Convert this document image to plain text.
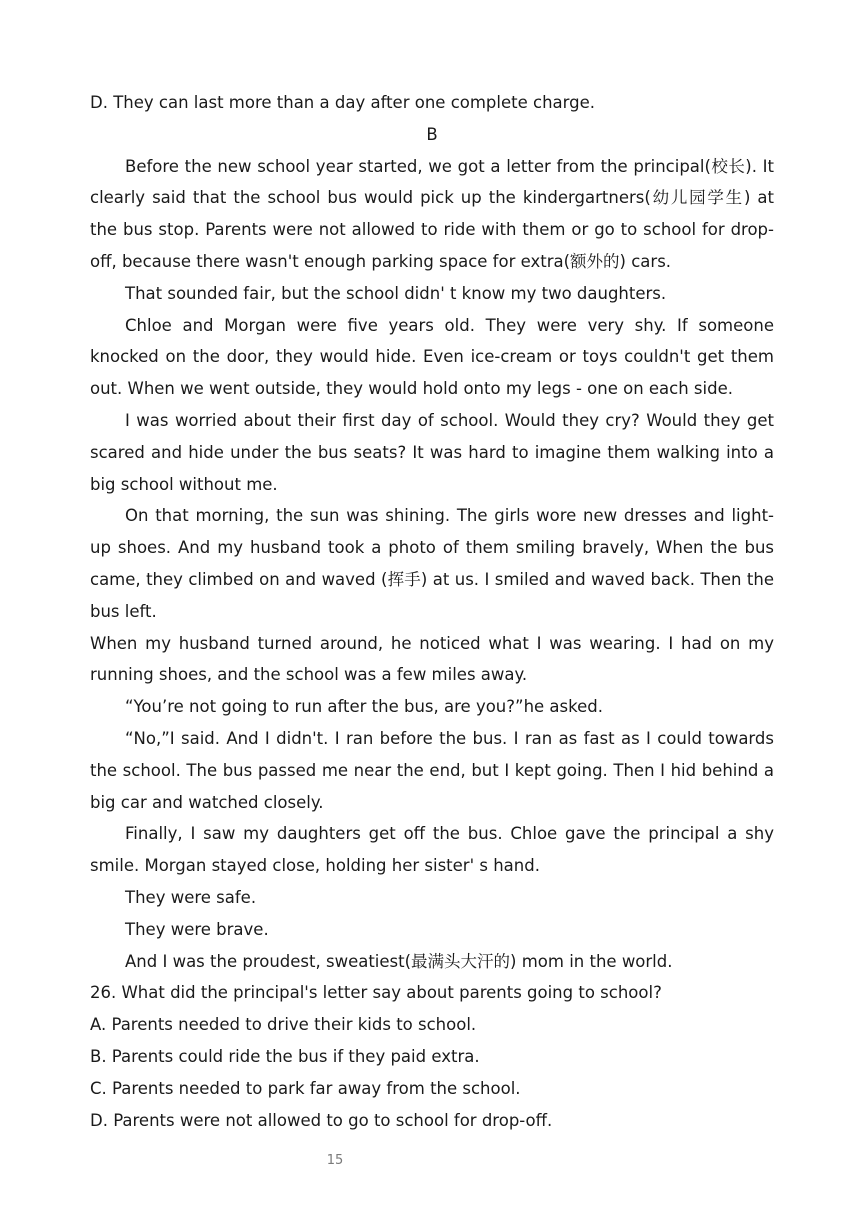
D. They can last more than a day after one complete charge.

B

Before the new school year started, we got a letter from the principal(校长). It clearly said that the school bus would pick up the kindergartners(幼儿园学生) at the bus stop. Parents were not allowed to ride with them or go to school for drop-off, because there wasn't enough parking space for extra(额外的) cars.

That sounded fair, but the school didn' t know my two daughters.

Chloe and Morgan were five years old. They were very shy. If someone knocked on the door, they would hide. Even ice-cream or toys couldn't get them out. When we went outside, they would hold onto my legs - one on each side.

I was worried about their first day of school. Would they cry? Would they get scared and hide under the bus seats? It was hard to imagine them walking into a big school without me.

On that morning, the sun was shining. The girls wore new dresses and light-up shoes. And my husband took a photo of them smiling bravely, When the bus came, they climbed on and waved (挥手) at us. I smiled and waved back. Then the bus left.

When my husband turned around, he noticed what I was wearing. I had on my running shoes, and the school was a few miles away.

“You’re not going to run after the bus, are you?”he asked.

“No,”I said. And I didn't. I ran before the bus. I ran as fast as I could towards the school. The bus passed me near the end, but I kept going. Then I hid behind a big car and watched closely.

Finally, I saw my daughters get off the bus. Chloe gave the principal a shy smile. Morgan stayed close, holding her sister' s hand.

They were safe.

They were brave.

And I was the proudest, sweatiest(最满头大汗的) mom in the world.

26. What did the principal's letter say about parents going to school?

A. Parents needed to drive their kids to school.

B. Parents could ride the bus if they paid extra.

C. Parents needed to park far away from the school.

D. Parents were not allowed to go to school for drop-off.

15
